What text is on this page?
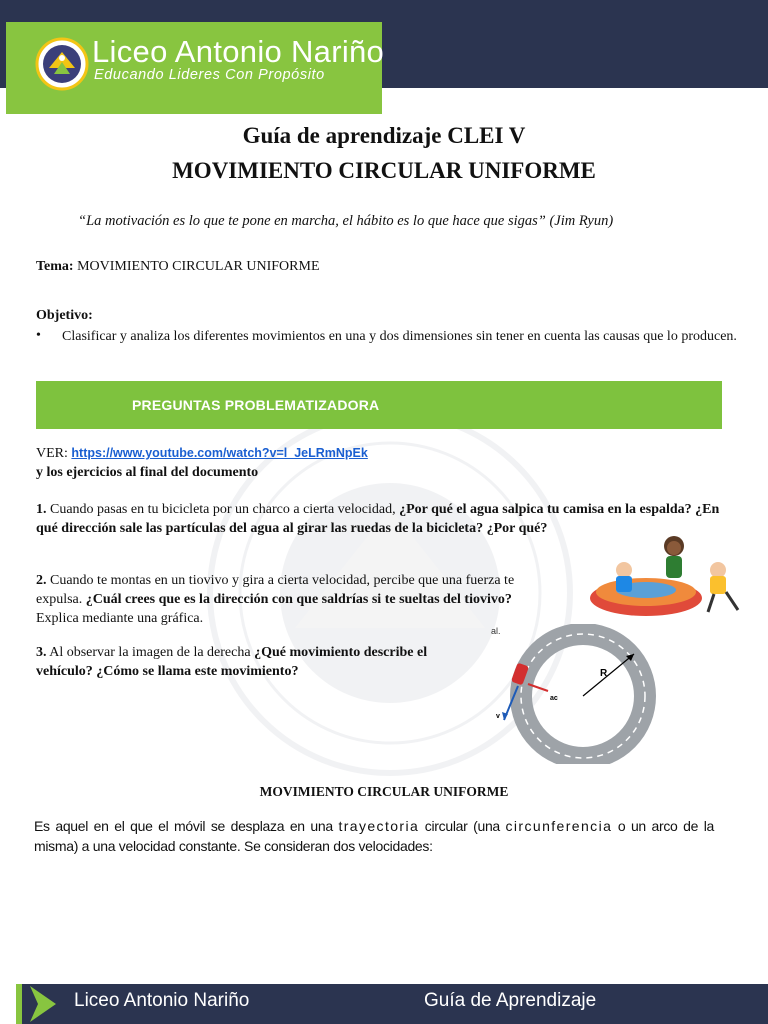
Liceo Antonio Nariño
Educando Lideres Con Propósito
Guía de aprendizaje CLEI V
MOVIMIENTO CIRCULAR UNIFORME
“La motivación es lo que te pone en marcha, el hábito es lo que hace que sigas” (Jim Ryun)
Tema: MOVIMIENTO CIRCULAR UNIFORME
Objetivo:
• Clasificar y analiza los diferentes movimientos en una y dos dimensiones sin tener en cuenta las causas que lo producen.
PREGUNTAS PROBLEMATIZADORA
VER: https://www.youtube.com/watch?v=l_JeLRmNpEk
y los ejercicios al final del documento
1. Cuando pasas en tu bicicleta por un charco a cierta velocidad, ¿Por qué el agua salpica tu camisa en la espalda? ¿En qué dirección sale las partículas del agua al girar las ruedas de la bicicleta? ¿Por qué?
2. Cuando te montas en un tiovivo y gira a cierta velocidad, percibe que una fuerza te expulsa. ¿Cuál crees que es la dirección con que saldrías si te sueltas del tiovivo? Explica mediante una gráfica.
3. Al observar la imagen de la derecha ¿Qué movimiento describe el vehículo? ¿Cómo se llama este movimiento?	R
ac
v
al.
MOVIMIENTO CIRCULAR UNIFORME
Es aquel en el que el móvil se desplaza en una trayectoria circular (una circunferencia o un arco de la misma) a una velocidad constante. Se consideran dos velocidades:
Liceo Antonio Nariño	Guía de Aprendizaje
